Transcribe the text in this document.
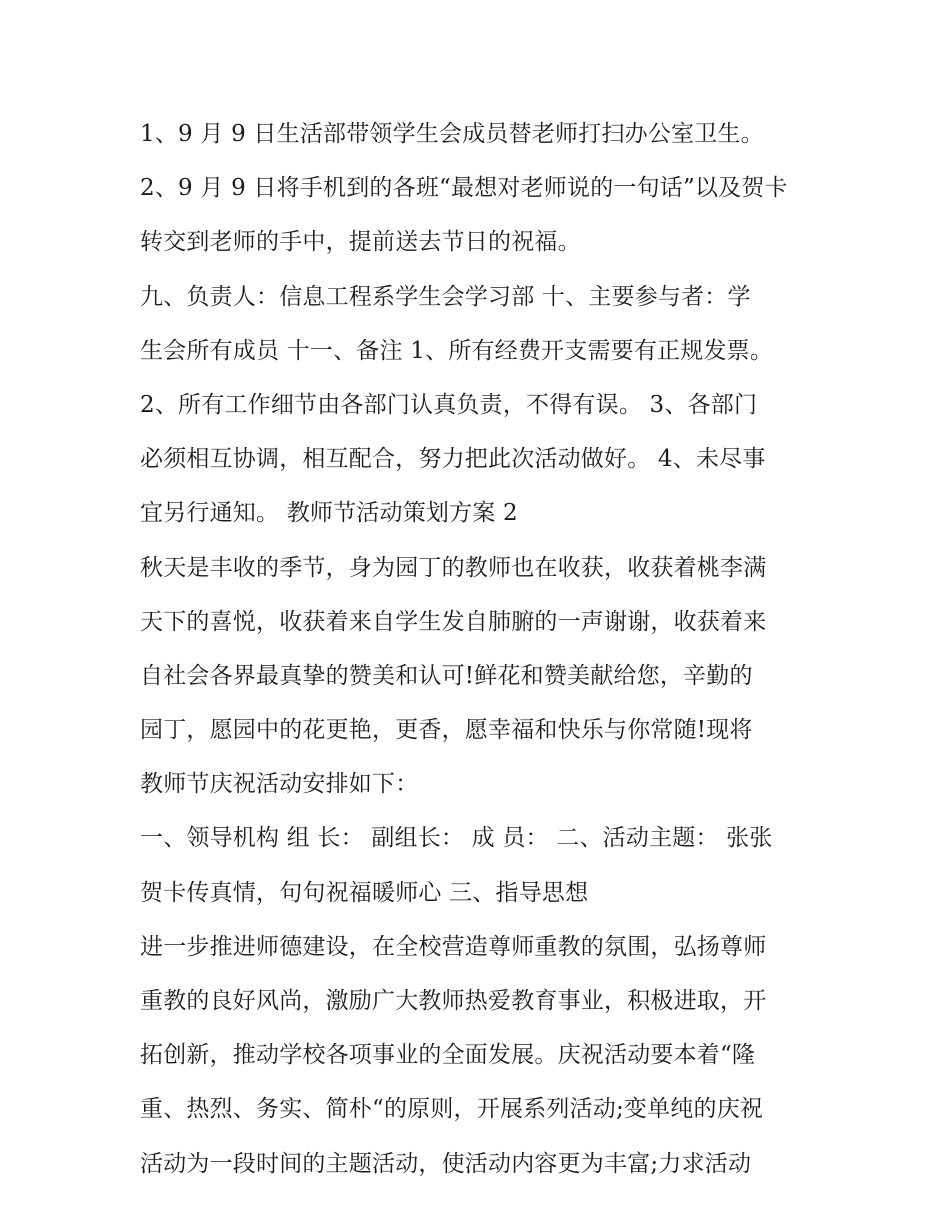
1、9 月 9 日生活部带领学生会成员替老师打扫办公室卫生。
2、9 月 9 日将手机到的各班“最想对老师说的一句话”以及贺卡
转交到老师的手中，提前送去节日的祝福。
九、负责人：信息工程系学生会学习部 十、主要参与者：学
生会所有成员 十一、备注 1、所有经费开支需要有正规发票。
2、所有工作细节由各部门认真负责，不得有误。 3、各部门
必须相互协调，相互配合，努力把此次活动做好。 4、未尽事
宜另行通知。 教师节活动策划方案 2
秋天是丰收的季节，身为园丁的教师也在收获，收获着桃李满
天下的喜悦，收获着来自学生发自肺腑的一声谢谢，收获着来
自社会各界最真挚的赞美和认可!鲜花和赞美献给您，辛勤的
园丁，愿园中的花更艳，更香，愿幸福和快乐与你常随!现将
教师节庆祝活动安排如下：
一、领导机构 组 长： 副组长： 成 员： 二、活动主题： 张张
贺卡传真情，句句祝福暖师心 三、指导思想
进一步推进师德建设，在全校营造尊师重教的氛围，弘扬尊师
重教的良好风尚，激励广大教师热爱教育事业，积极进取，开
拓创新，推动学校各项事业的全面发展。庆祝活动要本着“隆
重、热烈、务实、简朴“的原则，开展系列活动;变单纯的庆祝
活动为一段时间的主题活动，使活动内容更为丰富;力求活动
